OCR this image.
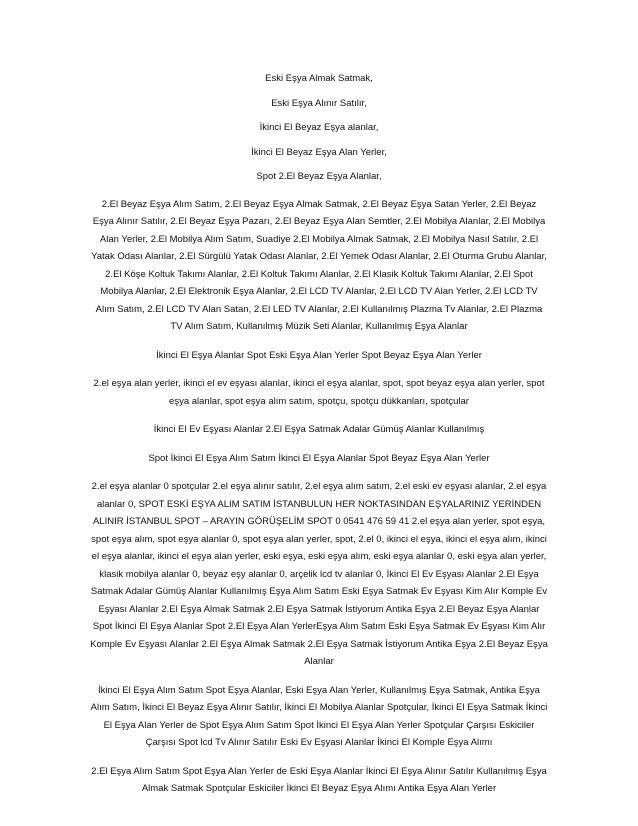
Eski Eşya Almak Satmak,

Eski Eşya Alınır Satılır,

İkinci El Beyaz Eşya alanlar,

İkinci El Beyaz Eşya Alan Yerler,

Spot 2.El Beyaz Eşya Alanlar,

2.El Beyaz Eşya Alım Satım, 2.El Beyaz Eşya Almak Satmak, 2.El Beyaz Eşya Satan Yerler, 2.El Beyaz Eşya Alınır Satılır, 2.El Beyaz Eşya Pazarı, 2.El Beyaz Eşya Alan Semtler, 2.El Mobilya Alanlar, 2.El Mobilya Alan Yerler, 2.El Mobilya Alım Satım, Suadiye 2.El Mobilya Almak Satmak, 2.El Mobilya Nasıl Satılır, 2.El Yatak Odası Alanlar, 2.El Sürgülü Yatak Odası Alanlar, 2.El Yemek Odası Alanlar, 2.El Oturma Grubu Alanlar, 2.El Köşe Koltuk Takımı Alanlar, 2.El Koltuk Takımı Alanlar, 2.El Klasik Koltuk Takımı Alanlar, 2.El Spot Mobilya Alanlar, 2.El Elektronik Eşya Alanlar, 2.El LCD TV Alanlar, 2.El LCD TV Alan Yerler, 2.El LCD TV Alım Satım, 2.El LCD TV Alan Satan, 2.El LED TV Alanlar, 2.El Kullanılmış Plazma Tv Alanlar, 2.El Plazma TV Alım Satım, Kullanılmış Müzik Seti Alanlar, Kullanılmış Eşya Alanlar

İkinci El Eşya Alanlar Spot Eski Eşya Alan Yerler Spot Beyaz Eşya Alan Yerler

2.el eşya alan yerler, ikinci el ev eşyası alanlar, ikinci el eşya alanlar, spot, spot beyaz eşya alan yerler, spot eşya alanlar, spot eşya alım satım, spotçu, spotçu dükkanları, spotçular

İkinci El Ev Eşyası Alanlar 2.El Eşya Satmak Adalar Gümüş Alanlar Kullanılmış

Spot İkinci El Eşya Alım Satım İkinci El Eşya Alanlar Spot Beyaz Eşya Alan Yerler

2.el eşya alanlar 0 spotçular 2.el eşya alınır satılır, 2.el eşya alım satım, 2.el eski ev eşyası alanlar, 2.el eşya alanlar 0, SPOT ESKİ EŞYA ALIM SATIM İSTANBULUN HER NOKTASINDAN EŞYALARINIZ YERİNDEN ALINIR İSTANBUL SPOT – ARAYIN GÖRÜŞELİM SPOT 0 0541 476 59 41 2.el eşya alan yerler, spot eşya, spot eşya alım, spot eşya alanlar 0, spot eşya alan yerler, spot, 2.el 0, ikinci el eşya, ikinci el eşya alım, ikinci el eşya alanlar, ikinci el eşya alan yerler, eski eşya, eski eşya alım, eski eşya alanlar 0, eski eşya alan yerler, klasik mobilya alanlar 0, beyaz eşy alanlar 0, arçelik lcd tv alanlar 0, İkinci El Ev Eşyası Alanlar 2.El Eşya Satmak Adalar Gümüş Alanlar Kullanılmış Eşya Alım Satım Eski Eşya Satmak Ev Eşyası Kim Alır Komple Ev Eşyası Alanlar 2.El Eşya Almak Satmak 2.El Eşya Satmak İstiyorum Antika Eşya 2.El Beyaz Eşya Alanlar Spot İkinci El Eşya Alanlar Spot 2.El Eşya Alan YerlerEşya Alım Satım Eski Eşya Satmak Ev Eşyası Kim Alır Komple Ev Eşyası Alanlar 2.El Eşya Almak Satmak 2.El Eşya Satmak İstiyorum Antika Eşya 2.El Beyaz Eşya Alanlar

İkinci El Eşya Alım Satım Spot Eşya Alanlar, Eski Eşya Alan Yerler, Kullanılmış Eşya Satmak, Antika Eşya Alım Satım, İkinci El Beyaz Eşya Alınır Satılır, İkinci El Mobilya Alanlar Spotçular, İkinci El Eşya Satmak İkinci El Eşya Alan Yerler de Spot Eşya Alım Satım Spot İkinci El Eşya Alan Yerler Spotçular Çarşısı Eskiciler Çarşısı Spot lcd Tv Alınır Satılır Eski Ev Eşyası Alanlar İkinci El Komple Eşya Alımı

2.El Eşya Alım Satım Spot Eşya Alan Yerler de Eski Eşya Alanlar İkinci El Eşya Alınır Satılır Kullanılmış Eşya Almak Satmak Spotçular Eskiciler İkinci El Beyaz Eşya Alımı Antika Eşya Alan Yerler
